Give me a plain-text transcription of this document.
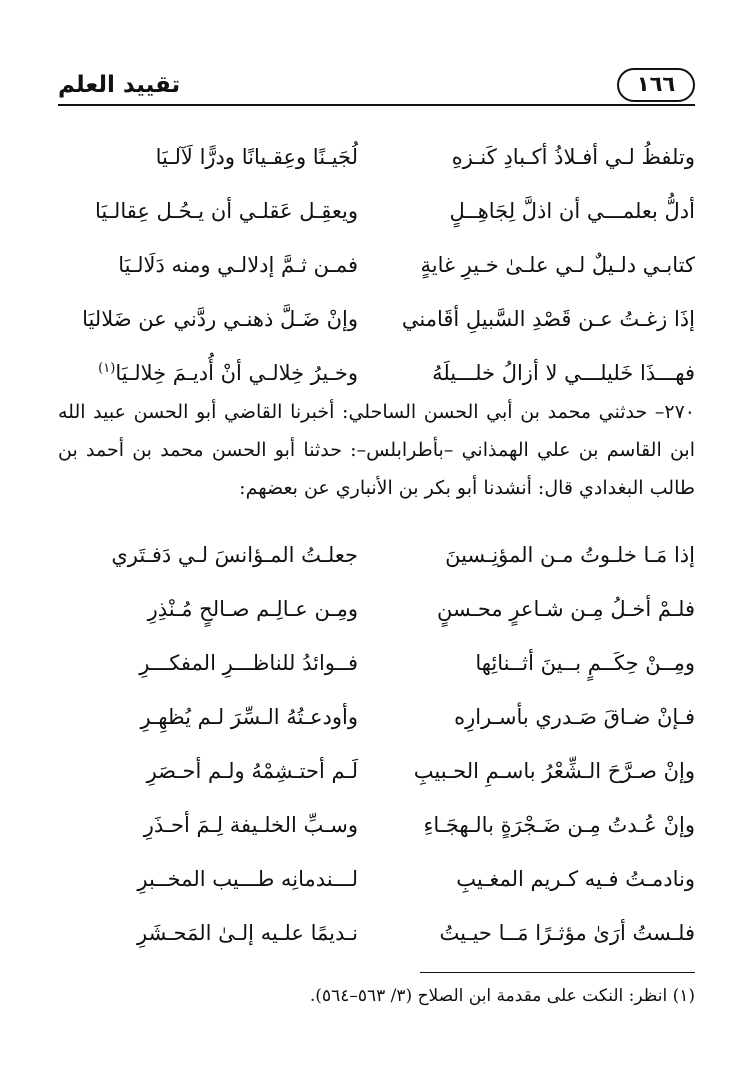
١٦٦
تقييد العلم
وتلفظُ لـي أفـلاذُ أكـبادِ كَنـزهِ
لُجَيـنًا وعِقـيانًا ودرًّا لَآلـيَا
أدلُّ بعلمـــي أن اذلَّ لِجَاهِــلٍ
ويعقِـل عَقلـي أن يـحُـل عِقالـيَا
كتابـي دلـيلٌ لـي علـىٰ خـيرِ غايةٍ
فمـن ثـمَّ إدلالـي ومنه دَلَالـيَا
إذَا زغـتُ عـن قَصْدِ السَّبيلِ أقَامني
وإنْ ضَـلَّ ذهنـي ردَّني عن ضَلاليَا
فهـــذَا خَليلـــي لا أزالُ خلـــيلَهُ
وخـيرُ خِلالـي أنْ أُديـمَ خِلالـيَا$^{(١)}$

٢٧٠– حدثني محمد بن أبي الحسن الساحلي: أخبرنا القاضي أبو الحسن عبيد الله ابن القاسم بن علي الهمذاني –بأطرابلس–: حدثنا أبو الحسن محمد بن أحمد بن طالب البغدادي قال: أنشدنا أبو بكر بن الأنباري عن بعضهم:

إذا مَـا خلـوتُ مـن المؤنِـسينَ
جعلـتُ المـؤانسَ لـي دَفـتَري
فلـمْ أخـلُ مِـن شـاعرٍ محـسنٍ
ومِـن عـالِـم صـالحٍ مُـنْذِرِ
ومِــنْ حِكَــمٍ بــينَ أثــنائِها
فــوائدُ للناظـــرِ المفكـــرِ
فـإنْ ضـاقَ صَـدري بأسـرارِه
وأودعـتُهُ الـسِّرَ لـم يُظهِـرِ
وإنْ صـرَّحَ الـشِّعْرُ باسـمِ الحـبيبِ
لَـم أحتـشِمْهُ ولـم أحـصَرِ
وإنْ عُـدتُ مِـن ضَـجْرَةٍ بالـهجَـاءِ
وسـبِّ الخلـيفة لِـمَ أحـذَرِ
ونادمـتُ فـيه كـريم المغـيبِ
لـــندمانِه طـــيب المخــبرِ
فلـستُ أرَىٰ مؤثـرًا مَــا حيـيتُ
نـديمًا علـيه إلـىٰ المَحـشَرِ
(١) انظر: النكت على مقدمة ابن الصلاح (٣/ ٥٦٣–٥٦٤).
